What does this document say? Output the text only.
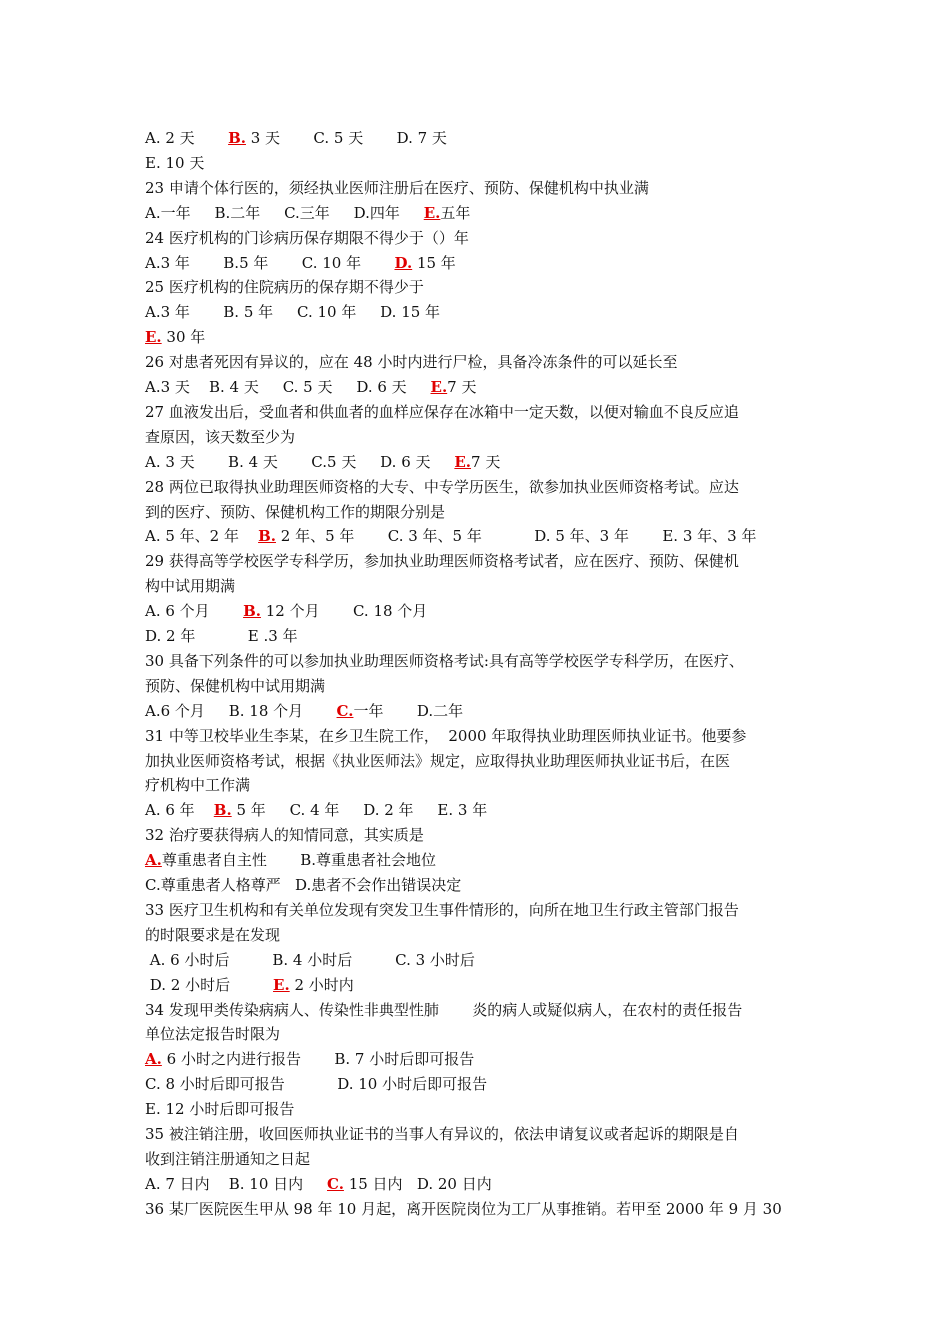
A. 2 天       B. 3 天       C. 5 天       D. 7 天
E. 10 天
23 申请个体行医的，须经执业医师注册后在医疗、预防、保健机构中执业满
A.一年     B.二年     C.三年     D.四年     E.五年
24 医疗机构的门诊病历保存期限不得少于（）年
A.3 年       B.5 年       C. 10 年       D. 15 年
25 医疗机构的住院病历的保存期不得少于
A.3 年       B. 5 年     C. 10 年     D. 15 年
E. 30 年
26 对患者死因有异议的，应在 48 小时内进行尸检，具备冷冻条件的可以延长至
A.3 天    B. 4 天     C. 5 天     D. 6 天     E.7 天
27 血液发出后，受血者和供血者的血样应保存在冰箱中一定天数，以便对输血不良反应追
查原因，该天数至少为
A. 3 天       B. 4 天       C.5 天     D. 6 天     E.7 天
28 两位已取得执业助理医师资格的大专、中专学历医生，欲参加执业医师资格考试。应达
到的医疗、预防、保健机构工作的期限分别是
A. 5 年、2 年    B. 2 年、5 年       C. 3 年、5 年           D. 5 年、3 年       E. 3 年、3 年
29 获得高等学校医学专科学历，参加执业助理医师资格考试者，应在医疗、预防、保健机
构中试用期满
A. 6 个月       B. 12 个月       C. 18 个月
D. 2 年           E .3 年
30 具备下列条件的可以参加执业助理医师资格考试:具有高等学校医学专科学历，在医疗、
预防、保健机构中试用期满
A.6 个月     B. 18 个月       C.一年       D.二年
31 中等卫校毕业生李某，在乡卫生院工作，  2000 年取得执业助理医师执业证书。他要参
加执业医师资格考试，根据《执业医师法》规定，应取得执业助理医师执业证书后，在医
疗机构中工作满
A. 6 年    B. 5 年     C. 4 年     D. 2 年     E. 3 年
32 治疗要获得病人的知情同意，其实质是
A.尊重患者自主性       B.尊重患者社会地位
C.尊重患者人格尊严   D.患者不会作出错误决定
33 医疗卫生机构和有关单位发现有突发卫生事件情形的，向所在地卫生行政主管部门报告
的时限要求是在发现
A. 6 小时后         B. 4 小时后         C. 3 小时后
D. 2 小时后         E. 2 小时内
34 发现甲类传染病病人、传染性非典型性肺       炎的病人或疑似病人，在农村的责任报告
单位法定报告时限为
A. 6 小时之内进行报告       B. 7 小时后即可报告
C. 8 小时后即可报告           D. 10 小时后即可报告
E. 12 小时后即可报告
35 被注销注册，收回医师执业证书的当事人有异议的，依法申请复议或者起诉的期限是自
收到注销注册通知之日起
A. 7 日内    B. 10 日内     C. 15 日内   D. 20 日内
36 某厂医院医生甲从 98 年 10 月起，离开医院岗位为工厂从事推销。若甲至 2000 年 9 月 30
